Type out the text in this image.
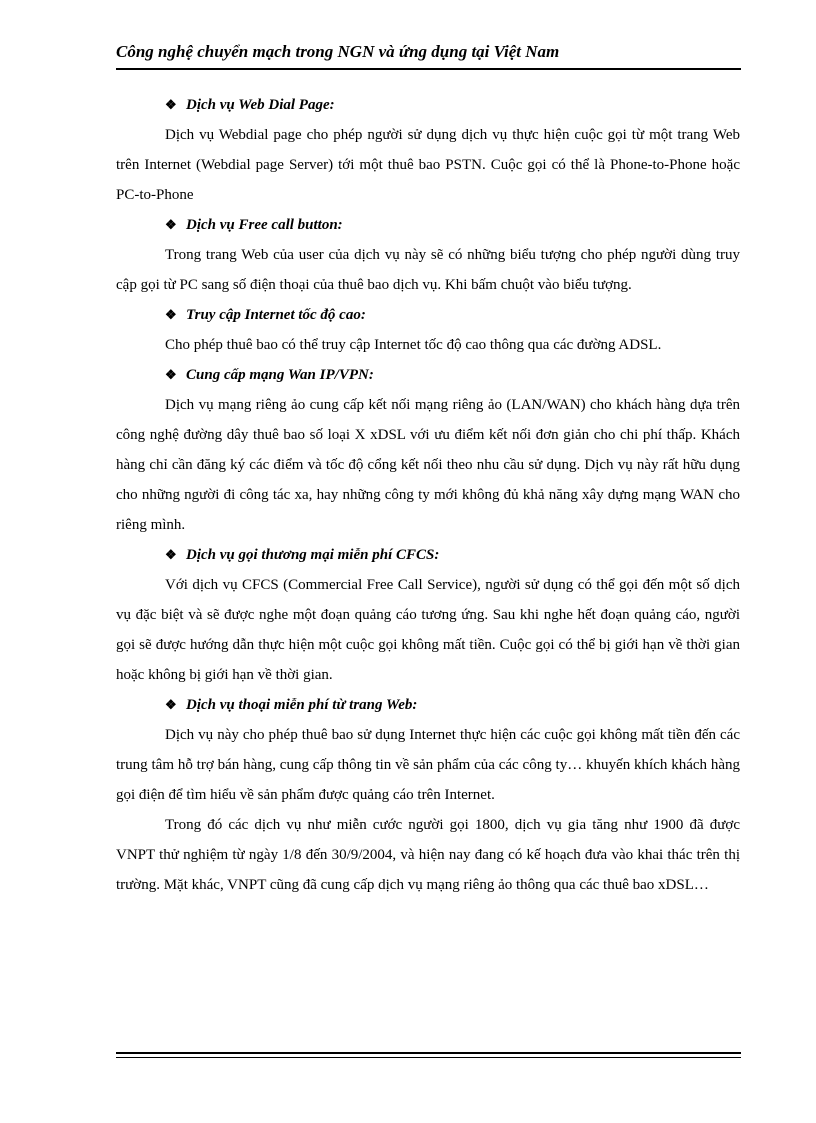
Công nghệ chuyển mạch trong NGN và ứng dụng tại Việt Nam
❖ Dịch vụ Web Dial Page:

Dịch vụ Webdial page cho phép người sử dụng dịch vụ thực hiện cuộc gọi từ một trang Web trên Internet (Webdial page Server) tới một thuê bao PSTN. Cuộc gọi có thể là Phone-to-Phone hoặc PC-to-Phone

❖ Dịch vụ Free call button:

Trong trang Web của user của dịch vụ này sẽ có những biểu tượng cho phép người dùng truy cập gọi từ PC sang số điện thoại của thuê bao dịch vụ. Khi bấm chuột vào biểu tượng.

❖ Truy cập Internet tốc độ cao:

Cho phép thuê bao có thể truy cập Internet tốc độ cao thông qua các đường ADSL.

❖ Cung cấp mạng Wan IP/VPN:

Dịch vụ mạng riêng ảo cung cấp kết nối mạng riêng ảo (LAN/WAN) cho khách hàng dựa trên công nghệ đường dây thuê bao số loại X xDSL với ưu điểm kết nối đơn giản cho chi phí thấp. Khách hàng chỉ cần đăng ký các điểm và tốc độ cổng kết nối theo nhu cầu sử dụng. Dịch vụ này rất hữu dụng cho những người đi công tác xa, hay những công ty mới không đủ khả năng xây dựng mạng WAN cho riêng mình.

❖ Dịch vụ gọi thương mại miễn phí CFCS:

Với dịch vụ CFCS (Commercial Free Call Service), người sử dụng có thể gọi đến một số dịch vụ đặc biệt và sẽ được nghe một đoạn quảng cáo tương ứng. Sau khi nghe hết đoạn quảng cáo, người gọi sẽ được hướng dẫn thực hiện một cuộc gọi không mất tiền. Cuộc gọi có thể bị giới hạn về thời gian hoặc không bị giới hạn về thời gian.

❖ Dịch vụ thoại miễn phí từ trang Web:

Dịch vụ này cho phép thuê bao sử dụng Internet thực hiện các cuộc gọi không mất tiền đến các trung tâm hỗ trợ bán hàng, cung cấp thông tin về sản phẩm của các công ty… khuyến khích khách hàng gọi điện để tìm hiểu về sản phẩm được quảng cáo trên Internet.

Trong đó các dịch vụ như miễn cước người gọi 1800, dịch vụ gia tăng như 1900 đã được VNPT thử nghiệm từ ngày 1/8 đến 30/9/2004, và hiện nay đang có kế hoạch đưa vào khai thác trên thị trường. Mặt khác, VNPT cũng đã cung cấp dịch vụ mạng riêng ảo thông qua các thuê bao xDSL…
